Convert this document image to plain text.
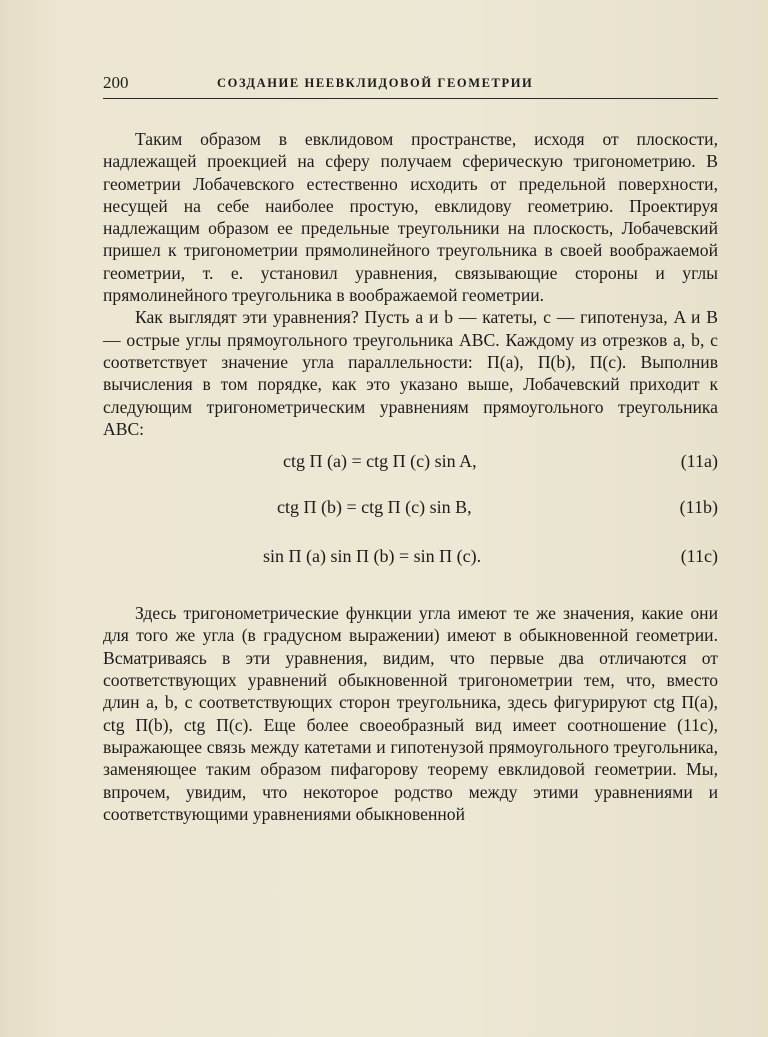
200	СОЗДАНИЕ НЕЕВКЛИДОВОЙ ГЕОМЕТРИИ

Таким образом в евклидовом пространстве, исходя от плоскости, надлежащей проекцией на сферу получаем сферическую тригонометрию. В геометрии Лобачевского естественно исходить от предельной поверхности, несущей на себе наиболее простую, евклидову геометрию. Проектируя надлежащим образом ее предельные треугольники на плоскость, Лобачевский пришел к тригонометрии прямолинейного треугольника в своей воображаемой геометрии, т. е. установил уравнения, связывающие стороны и углы прямолинейного треугольника в воображаемой геометрии.

Как выглядят эти уравнения? Пусть a и b — катеты, c — гипотенуза, A и B — острые углы прямоугольного треугольника ABC. Каждому из отрезков a, b, c соответствует значение угла параллельности: П(a), П(b), П(c). Выполнив вычисления в том порядке, как это указано выше, Лобачевский приходит к следующим тригонометрическим уравнениям прямоугольного треугольника ABC:

ctg П (a) = ctg П (c) sin A,	(11a)
ctg П (b) = ctg П (c) sin B,	(11b)
sin П (a) sin П (b) = sin П (c).	(11c)

Здесь тригонометрические функции угла имеют те же значения, какие они для того же угла (в градусном выражении) имеют в обыкновенной геометрии. Всматриваясь в эти уравнения, видим, что первые два отличаются от соответствующих уравнений обыкновенной тригонометрии тем, что, вместо длин a, b, c соответствующих сторон треугольника, здесь фигурируют ctg П(a), ctg П(b), ctg П(c). Еще более своеобразный вид имеет соотношение (11c), выражающее связь между катетами и гипотенузой прямоугольного треугольника, заменяющее таким образом пифагорову теорему евклидовой геометрии. Мы, впрочем, увидим, что некоторое родство между этими уравнениями и соответствующими уравнениями обыкновенной
